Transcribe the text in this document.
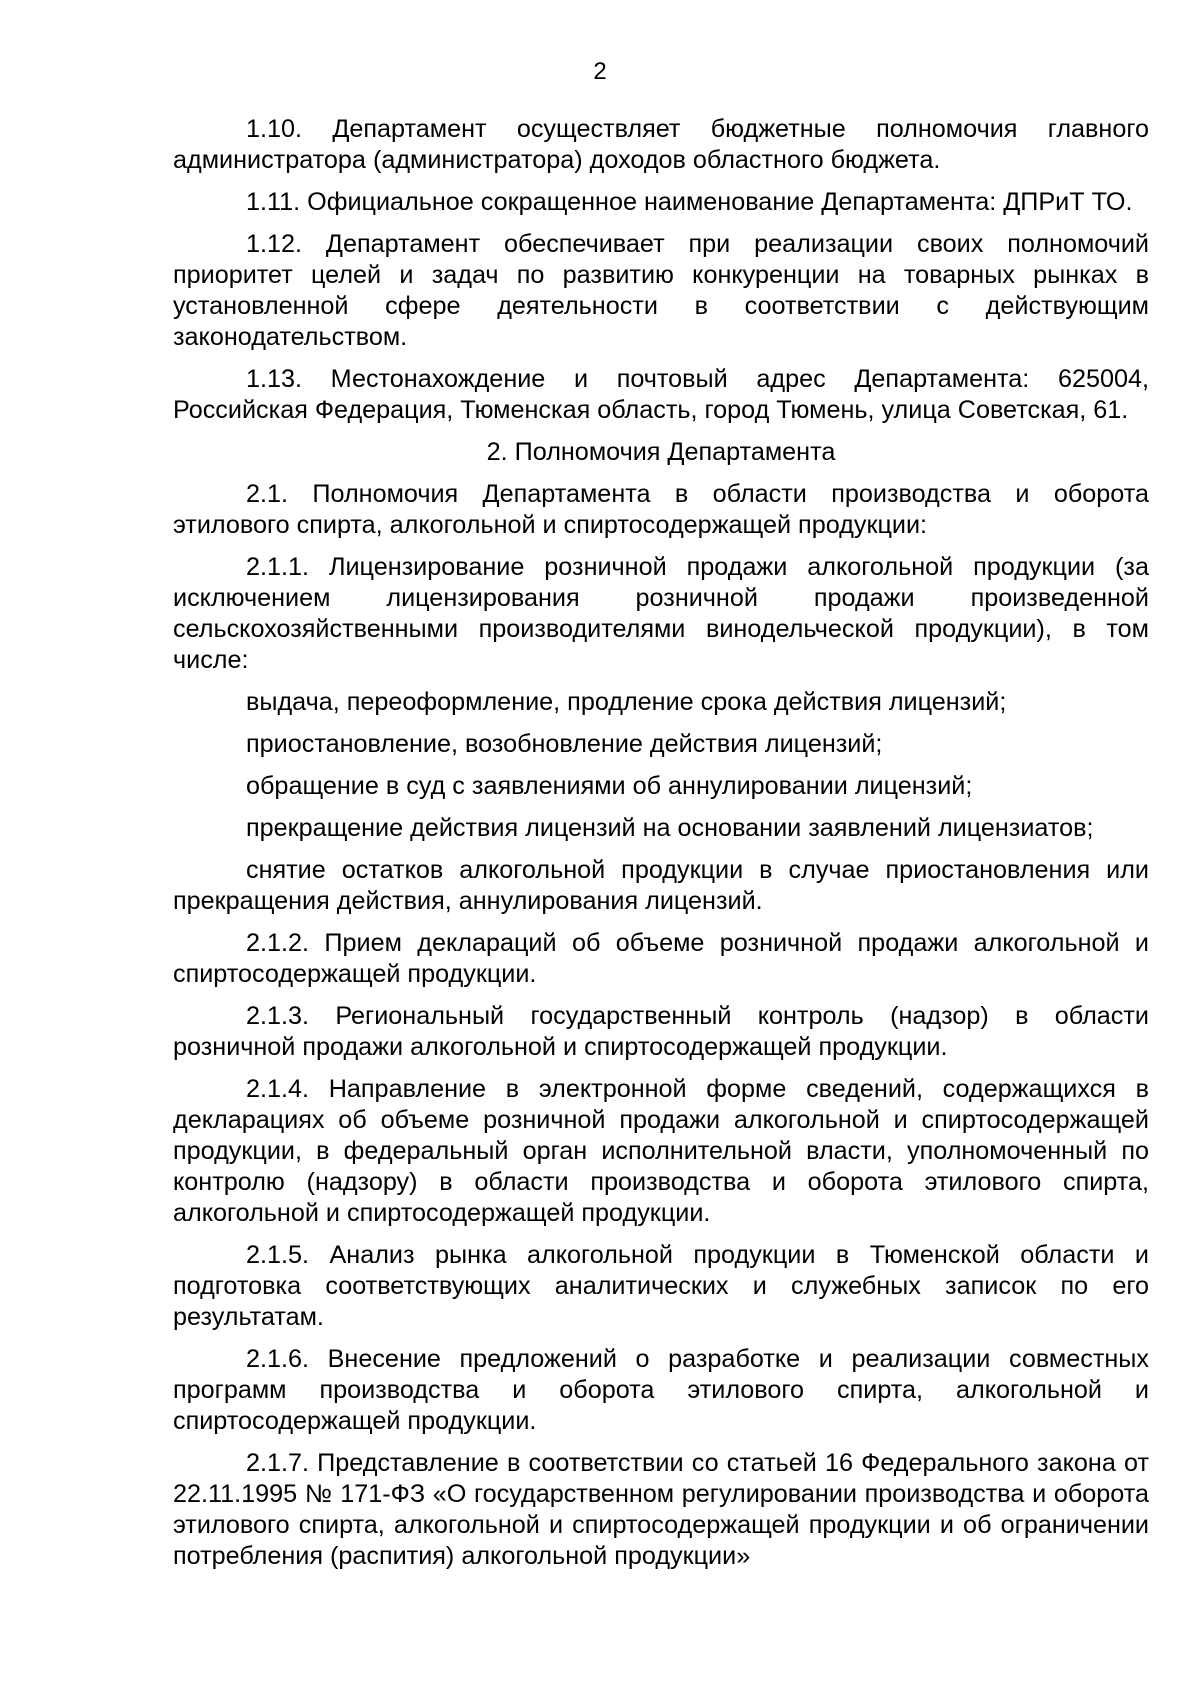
2

1.10. Департамент осуществляет бюджетные полномочия главного администратора (администратора) доходов областного бюджета.

1.11. Официальное сокращенное наименование Департамента: ДПРиТ ТО.

1.12. Департамент обеспечивает при реализации своих полномочий приоритет целей и задач по развитию конкуренции на товарных рынках в установленной сфере деятельности в соответствии с действующим законодательством.

1.13. Местонахождение и почтовый адрес Департамента: 625004, Российская Федерация, Тюменская область, город Тюмень, улица Советская, 61.

2. Полномочия Департамента

2.1. Полномочия Департамента в области производства и оборота этилового спирта, алкогольной и спиртосодержащей продукции:

2.1.1. Лицензирование розничной продажи алкогольной продукции (за исключением лицензирования розничной продажи произведенной сельскохозяйственными производителями винодельческой продукции), в том числе:

выдача, переоформление, продление срока действия лицензий;

приостановление, возобновление действия лицензий;

обращение в суд с заявлениями об аннулировании лицензий;

прекращение действия лицензий на основании заявлений лицензиатов;

снятие остатков алкогольной продукции в случае приостановления или прекращения действия, аннулирования лицензий.

2.1.2. Прием деклараций об объеме розничной продажи алкогольной и спиртосодержащей продукции.

2.1.3. Региональный государственный контроль (надзор) в области розничной продажи алкогольной и спиртосодержащей продукции.

2.1.4. Направление в электронной форме сведений, содержащихся в декларациях об объеме розничной продажи алкогольной и спиртосодержащей продукции, в федеральный орган исполнительной власти, уполномоченный по контролю (надзору) в области производства и оборота этилового спирта, алкогольной и спиртосодержащей продукции.

2.1.5. Анализ рынка алкогольной продукции в Тюменской области и подготовка соответствующих аналитических и служебных записок по его результатам.

2.1.6. Внесение предложений о разработке и реализации совместных программ производства и оборота этилового спирта, алкогольной и спиртосодержащей продукции.

2.1.7. Представление в соответствии со статьей 16 Федерального закона от 22.11.1995 № 171-ФЗ «О государственном регулировании производства и оборота этилового спирта, алкогольной и спиртосодержащей продукции и об ограничении потребления (распития) алкогольной продукции»
